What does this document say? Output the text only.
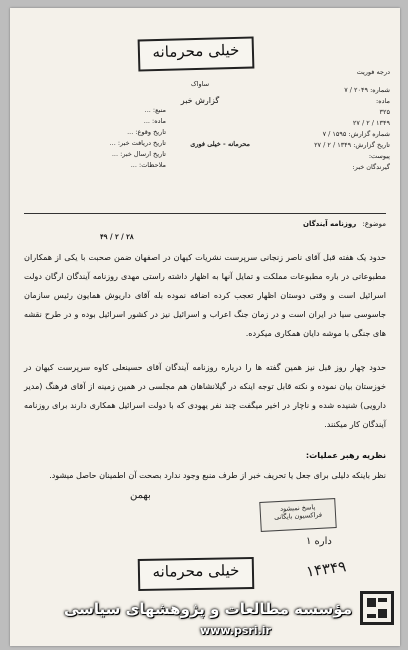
خیلی محرمانه
ساواک
گزارش خبر
درجه فوریت
شماره: ۲۰۴۹ / ۷
ماده:
۳۲۵
۱۳۴۹ / ۲ / ۲۷
شماره گزارش: ۱۵۹۵ / ۷
تاریخ گزارش: ۱۳۴۹ / ۲ / ۲۷
پیوست:
گیرندگان خبر:
منبع: ...
ماده: ...
تاریخ وقوع: ...
تاریخ دریافت خبر: ...
تاریخ ارسال خبر: ...
ملاحظات: ...
محرمانه - خیلی فوری
موضوع: روزنامه آیندگان
۲۸ / ۲ / ۴۹
حدود یک هفته قبل آقای ناصر زنجانی سرپرست نشریات کیهان در اصفهان ضمن صحبت با یکی از همکاران مطبوعاتی در باره مطبوعات مملکت و تمایل آنها به اظهار داشته راستی مهدی روزنامه آیندگان ارگان دولت اسرائیل است و وقتی دوستان اظهار تعجب کرده اضافه نموده بله آقای داریوش همایون رئیس سازمان جاسوسی سیا در ایران است و در زمان جنگ اعراب و اسرائیل نیز در کشور اسرائیل بوده و در طرح نقشه های جنگی با موشه دایان همکاری میکرده.
حدود چهار روز قبل نیز همین گفته ها را درباره روزنامه آیندگان آقای حسینعلی کاوه سرپرست کیهان در خوزستان بیان نموده و نکته قابل توجه اینکه در گیلانشاهان هم مجلسی در همین زمینه از آقای فرهنگ (مدیر دارویی) شنیده شده و ناچار در اخیر میگفت چند نفر یهودی که با دولت اسرائیل همکاری دارند برای روزنامه آیندگان کار میکنند.
نظریه رهبر عملیات:
نظر باینکه دلیلی برای جعل یا تحریف خبر از طرف منبع وجود ندارد بصحت آن اطمینان حاصل میشود.
بهمن
پاسخ نمیشود
فراکسیون بایگانی
داره ۱
۱۴۳۴۹
خیلی محرمانه
مؤسسه مطالعات و پژوهشهای سیاسی
www.psri.ir
